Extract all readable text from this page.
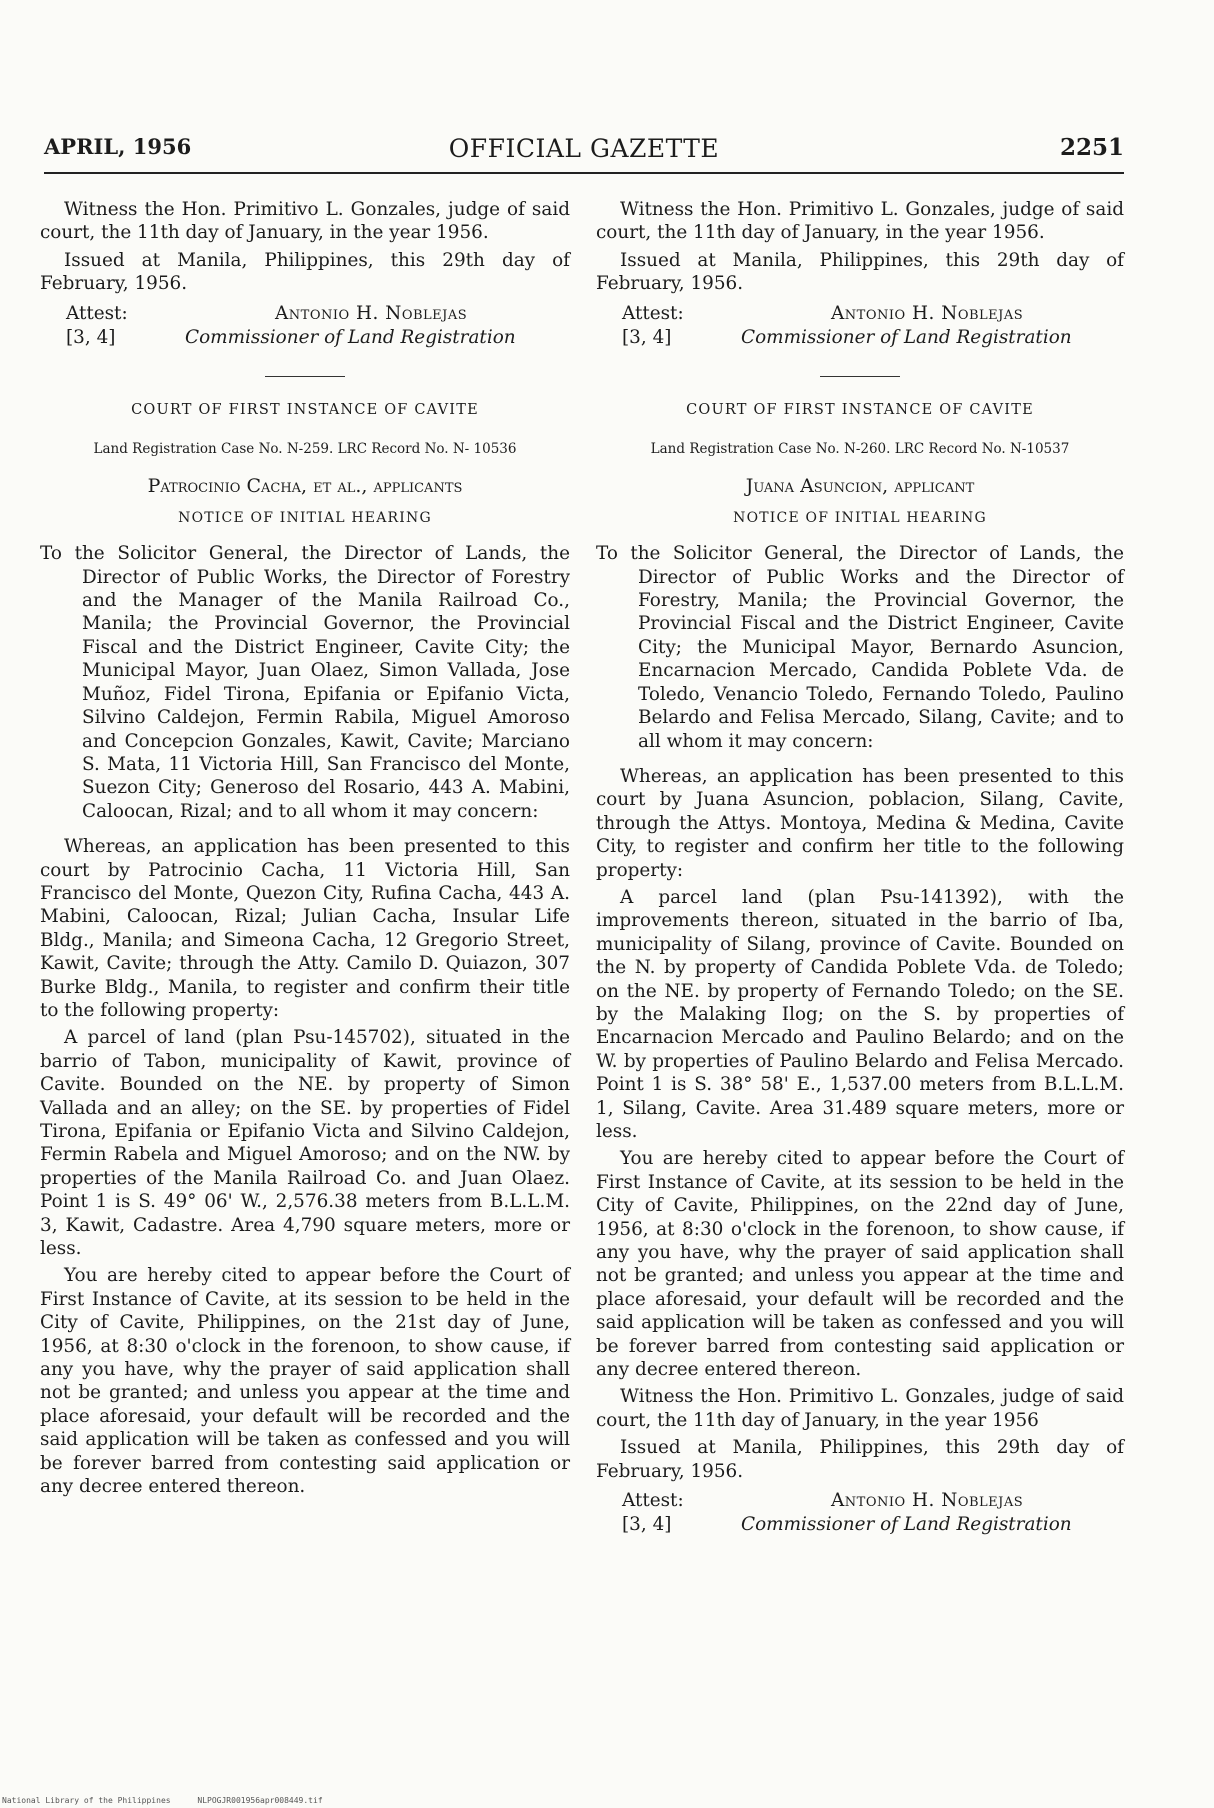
APRIL, 1956	OFFICIAL GAZETTE	2251

Witness the Hon. Primitivo L. Gonzales, judge of said court, the 11th day of January, in the year 1956.

Issued at Manila, Philippines, this 29th day of February, 1956.

Attest:
[3, 4]
Antonio H. Noblejas
Commissioner of Land Registration

COURT OF FIRST INSTANCE OF CAVITE

Land Registration Case No. N-259. LRC Record No. N- 10536

Patrocinio Cacha, et al., applicants

NOTICE OF INITIAL HEARING

To the Solicitor General, the Director of Lands, the Director of Public Works, the Director of Forestry and the Manager of the Manila Railroad Co., Manila; the Provincial Governor, the Provincial Fiscal and the District Engineer, Cavite City; the Municipal Mayor, Juan Olaez, Simon Vallada, Jose Muñoz, Fidel Tirona, Epifania or Epifanio Victa, Silvino Caldejon, Fermin Rabila, Miguel Amoroso and Concepcion Gonzales, Kawit, Cavite; Marciano S. Mata, 11 Victoria Hill, San Francisco del Monte, Suezon City; Generoso del Rosario, 443 A. Mabini, Caloocan, Rizal; and to all whom it may concern:

Whereas, an application has been presented to this court by Patrocinio Cacha, 11 Victoria Hill, San Francisco del Monte, Quezon City, Rufina Cacha, 443 A. Mabini, Caloocan, Rizal; Julian Cacha, Insular Life Bldg., Manila; and Simeona Cacha, 12 Gregorio Street, Kawit, Cavite; through the Atty. Camilo D. Quiazon, 307 Burke Bldg., Manila, to register and confirm their title to the following property:

A parcel of land (plan Psu-145702), situated in the barrio of Tabon, municipality of Kawit, province of Cavite. Bounded on the NE. by property of Simon Vallada and an alley; on the SE. by properties of Fidel Tirona, Epifania or Epifanio Victa and Silvino Caldejon, Fermin Rabela and Miguel Amoroso; and on the NW. by properties of the Manila Railroad Co. and Juan Olaez. Point 1 is S. 49° 06' W., 2,576.38 meters from B.L.L.M. 3, Kawit, Cadastre. Area 4,790 square meters, more or less.

You are hereby cited to appear before the Court of First Instance of Cavite, at its session to be held in the City of Cavite, Philippines, on the 21st day of June, 1956, at 8:30 o'clock in the forenoon, to show cause, if any you have, why the prayer of said application shall not be granted; and unless you appear at the time and place aforesaid, your default will be recorded and the said application will be taken as confessed and you will be forever barred from contesting said application or any decree entered thereon.

Witness the Hon. Primitivo L. Gonzales, judge of said court, the 11th day of January, in the year 1956.

Issued at Manila, Philippines, this 29th day of February, 1956.

Attest:
[3, 4]
Antonio H. Noblejas
Commissioner of Land Registration

COURT OF FIRST INSTANCE OF CAVITE

Land Registration Case No. N-260. LRC Record No. N-10537

Juana Asuncion, applicant

NOTICE OF INITIAL HEARING

To the Solicitor General, the Director of Lands, the Director of Public Works and the Director of Forestry, Manila; the Provincial Governor, the Provincial Fiscal and the District Engineer, Cavite City; the Municipal Mayor, Bernardo Asuncion, Encarnacion Mercado, Candida Poblete Vda. de Toledo, Venancio Toledo, Fernando Toledo, Paulino Belardo and Felisa Mercado, Silang, Cavite; and to all whom it may concern:

Whereas, an application has been presented to this court by Juana Asuncion, poblacion, Silang, Cavite, through the Attys. Montoya, Medina & Medina, Cavite City, to register and confirm her title to the following property:

A parcel land (plan Psu-141392), with the improvements thereon, situated in the barrio of Iba, municipality of Silang, province of Cavite. Bounded on the N. by property of Candida Poblete Vda. de Toledo; on the NE. by property of Fernando Toledo; on the SE. by the Malaking Ilog; on the S. by properties of Encarnacion Mercado and Paulino Belardo; and on the W. by properties of Paulino Belardo and Felisa Mercado. Point 1 is S. 38° 58' E., 1,537.00 meters from B.L.L.M. 1, Silang, Cavite. Area 31.489 square meters, more or less.

You are hereby cited to appear before the Court of First Instance of Cavite, at its session to be held in the City of Cavite, Philippines, on the 22nd day of June, 1956, at 8:30 o'clock in the forenoon, to show cause, if any you have, why the prayer of said application shall not be granted; and unless you appear at the time and place aforesaid, your default will be recorded and the said application will be taken as confessed and you will be forever barred from contesting said application or any decree entered thereon.

Witness the Hon. Primitivo L. Gonzales, judge of said court, the 11th day of January, in the year 1956

Issued at Manila, Philippines, this 29th day of February, 1956.

Attest:
[3, 4]
Antonio H. Noblejas
Commissioner of Land Registration
National Library of the Philippines	NLPOGJR001956apr008449.tif
